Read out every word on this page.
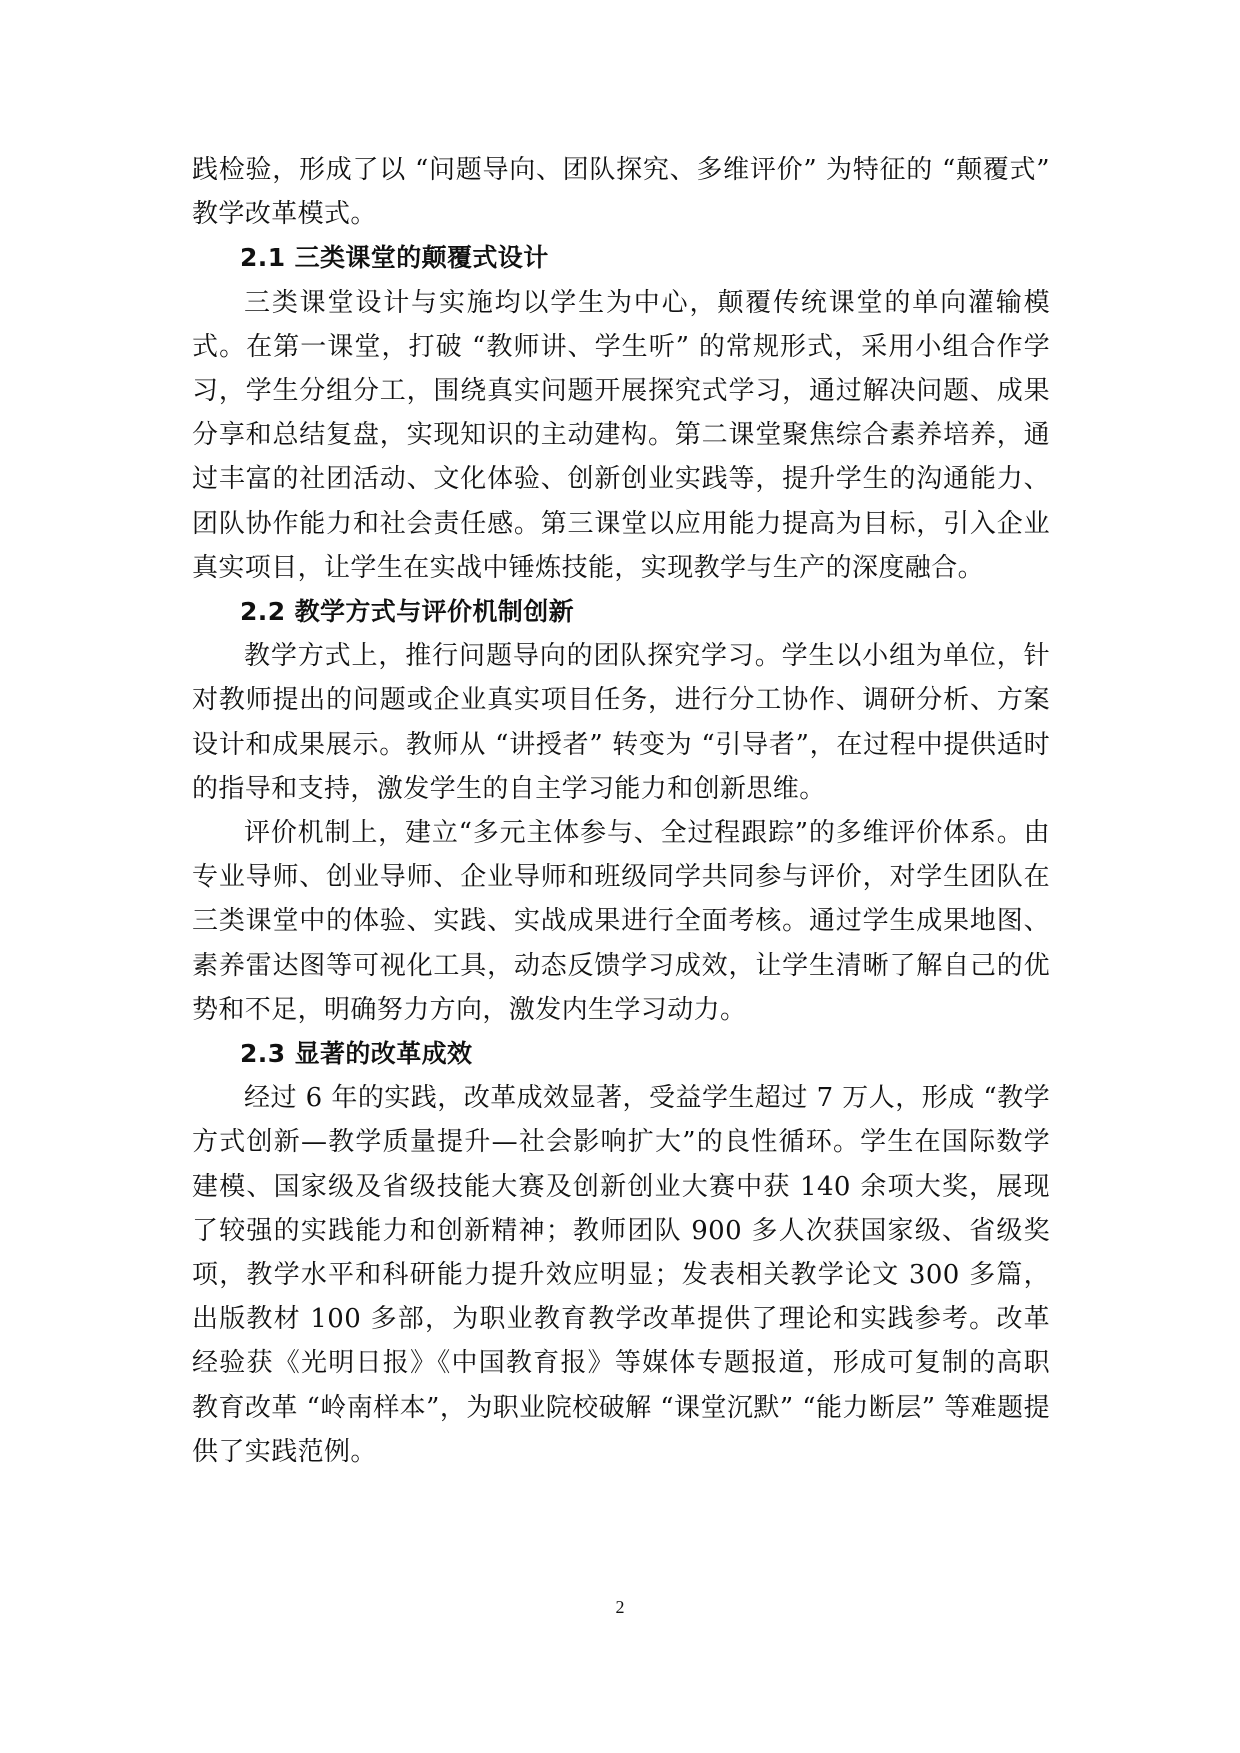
践检验，形成了以 “问题导向、团队探究、多维评价” 为特征的 “颠覆式” 教学改革模式。

2.1 三类课堂的颠覆式设计

三类课堂设计与实施均以学生为中心，颠覆传统课堂的单向灌输模式。在第一课堂，打破 “教师讲、学生听” 的常规形式，采用小组合作学习，学生分组分工，围绕真实问题开展探究式学习，通过解决问题、成果分享和总结复盘，实现知识的主动建构。第二课堂聚焦综合素养培养，通过丰富的社团活动、文化体验、创新创业实践等，提升学生的沟通能力、团队协作能力和社会责任感。第三课堂以应用能力提高为目标，引入企业真实项目，让学生在实战中锤炼技能，实现教学与生产的深度融合。

2.2 教学方式与评价机制创新

教学方式上，推行问题导向的团队探究学习。学生以小组为单位，针对教师提出的问题或企业真实项目任务，进行分工协作、调研分析、方案设计和成果展示。教师从 “讲授者” 转变为 “引导者”，在过程中提供适时的指导和支持，激发学生的自主学习能力和创新思维。

评价机制上，建立“多元主体参与、全过程跟踪”的多维评价体系。由专业导师、创业导师、企业导师和班级同学共同参与评价，对学生团队在三类课堂中的体验、实践、实战成果进行全面考核。通过学生成果地图、素养雷达图等可视化工具，动态反馈学习成效，让学生清晰了解自己的优势和不足，明确努力方向，激发内生学习动力。

2.3 显著的改革成效

经过 6 年的实践，改革成效显著，受益学生超过 7 万人，形成 “教学方式创新—教学质量提升—社会影响扩大”的良性循环。学生在国际数学建模、国家级及省级技能大赛及创新创业大赛中获 140 余项大奖，展现了较强的实践能力和创新精神；教师团队 900 多人次获国家级、省级奖项，教学水平和科研能力提升效应明显；发表相关教学论文 300 多篇，出版教材 100 多部，为职业教育教学改革提供了理论和实践参考。改革经验获《光明日报》《中国教育报》等媒体专题报道，形成可复制的高职教育改革 “岭南样本”，为职业院校破解 “课堂沉默” “能力断层” 等难题提供了实践范例。

2
